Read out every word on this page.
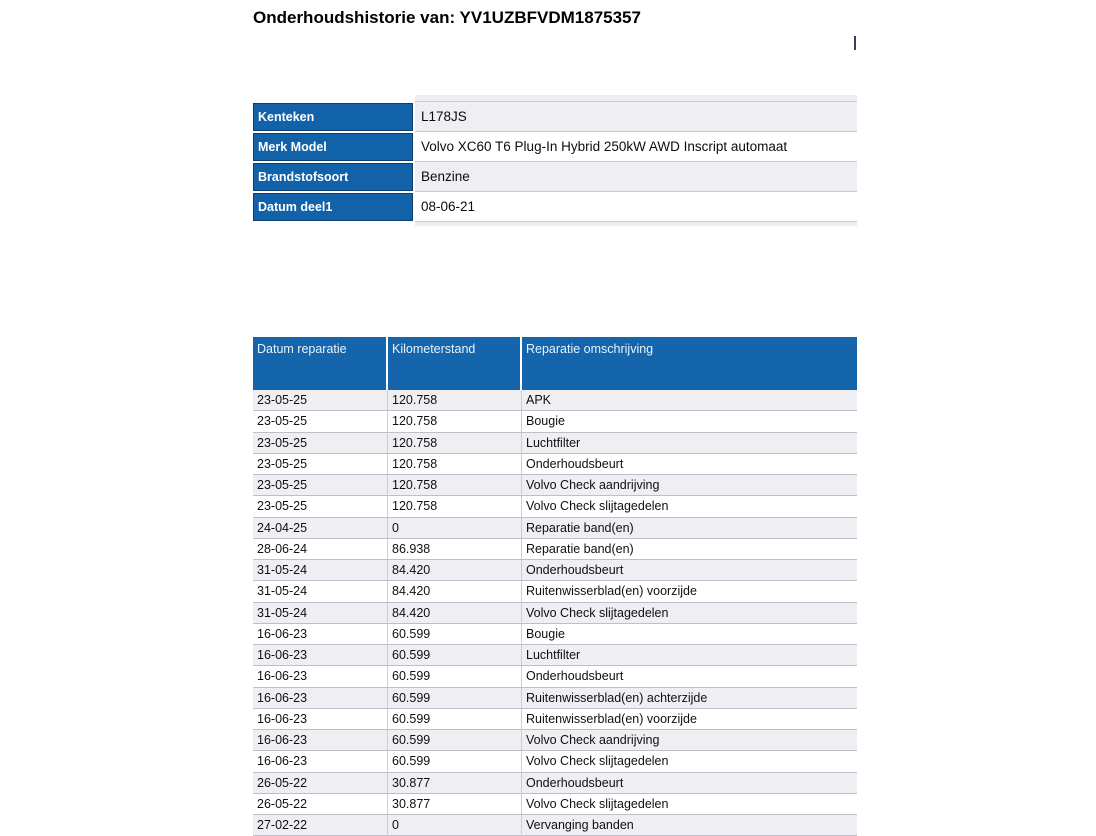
Onderhoudshistorie van: YV1UZBFVDM1875357
Kenteken	L178JS
Merk Model	Volvo XC60 T6 Plug-In Hybrid 250kW AWD Inscript automaat
Brandstofsoort	Benzine
Datum deel1	08-06-21
Datum reparatie	Kilometerstand	Reparatie omschrijving
23-05-25	120.758	APK
23-05-25	120.758	Bougie
23-05-25	120.758	Luchtfilter
23-05-25	120.758	Onderhoudsbeurt
23-05-25	120.758	Volvo Check aandrijving
23-05-25	120.758	Volvo Check slijtagedelen
24-04-25	0	Reparatie band(en)
28-06-24	86.938	Reparatie band(en)
31-05-24	84.420	Onderhoudsbeurt
31-05-24	84.420	Ruitenwisserblad(en) voorzijde
31-05-24	84.420	Volvo Check slijtagedelen
16-06-23	60.599	Bougie
16-06-23	60.599	Luchtfilter
16-06-23	60.599	Onderhoudsbeurt
16-06-23	60.599	Ruitenwisserblad(en) achterzijde
16-06-23	60.599	Ruitenwisserblad(en) voorzijde
16-06-23	60.599	Volvo Check aandrijving
16-06-23	60.599	Volvo Check slijtagedelen
26-05-22	30.877	Onderhoudsbeurt
26-05-22	30.877	Volvo Check slijtagedelen
27-02-22	0	Vervanging banden
